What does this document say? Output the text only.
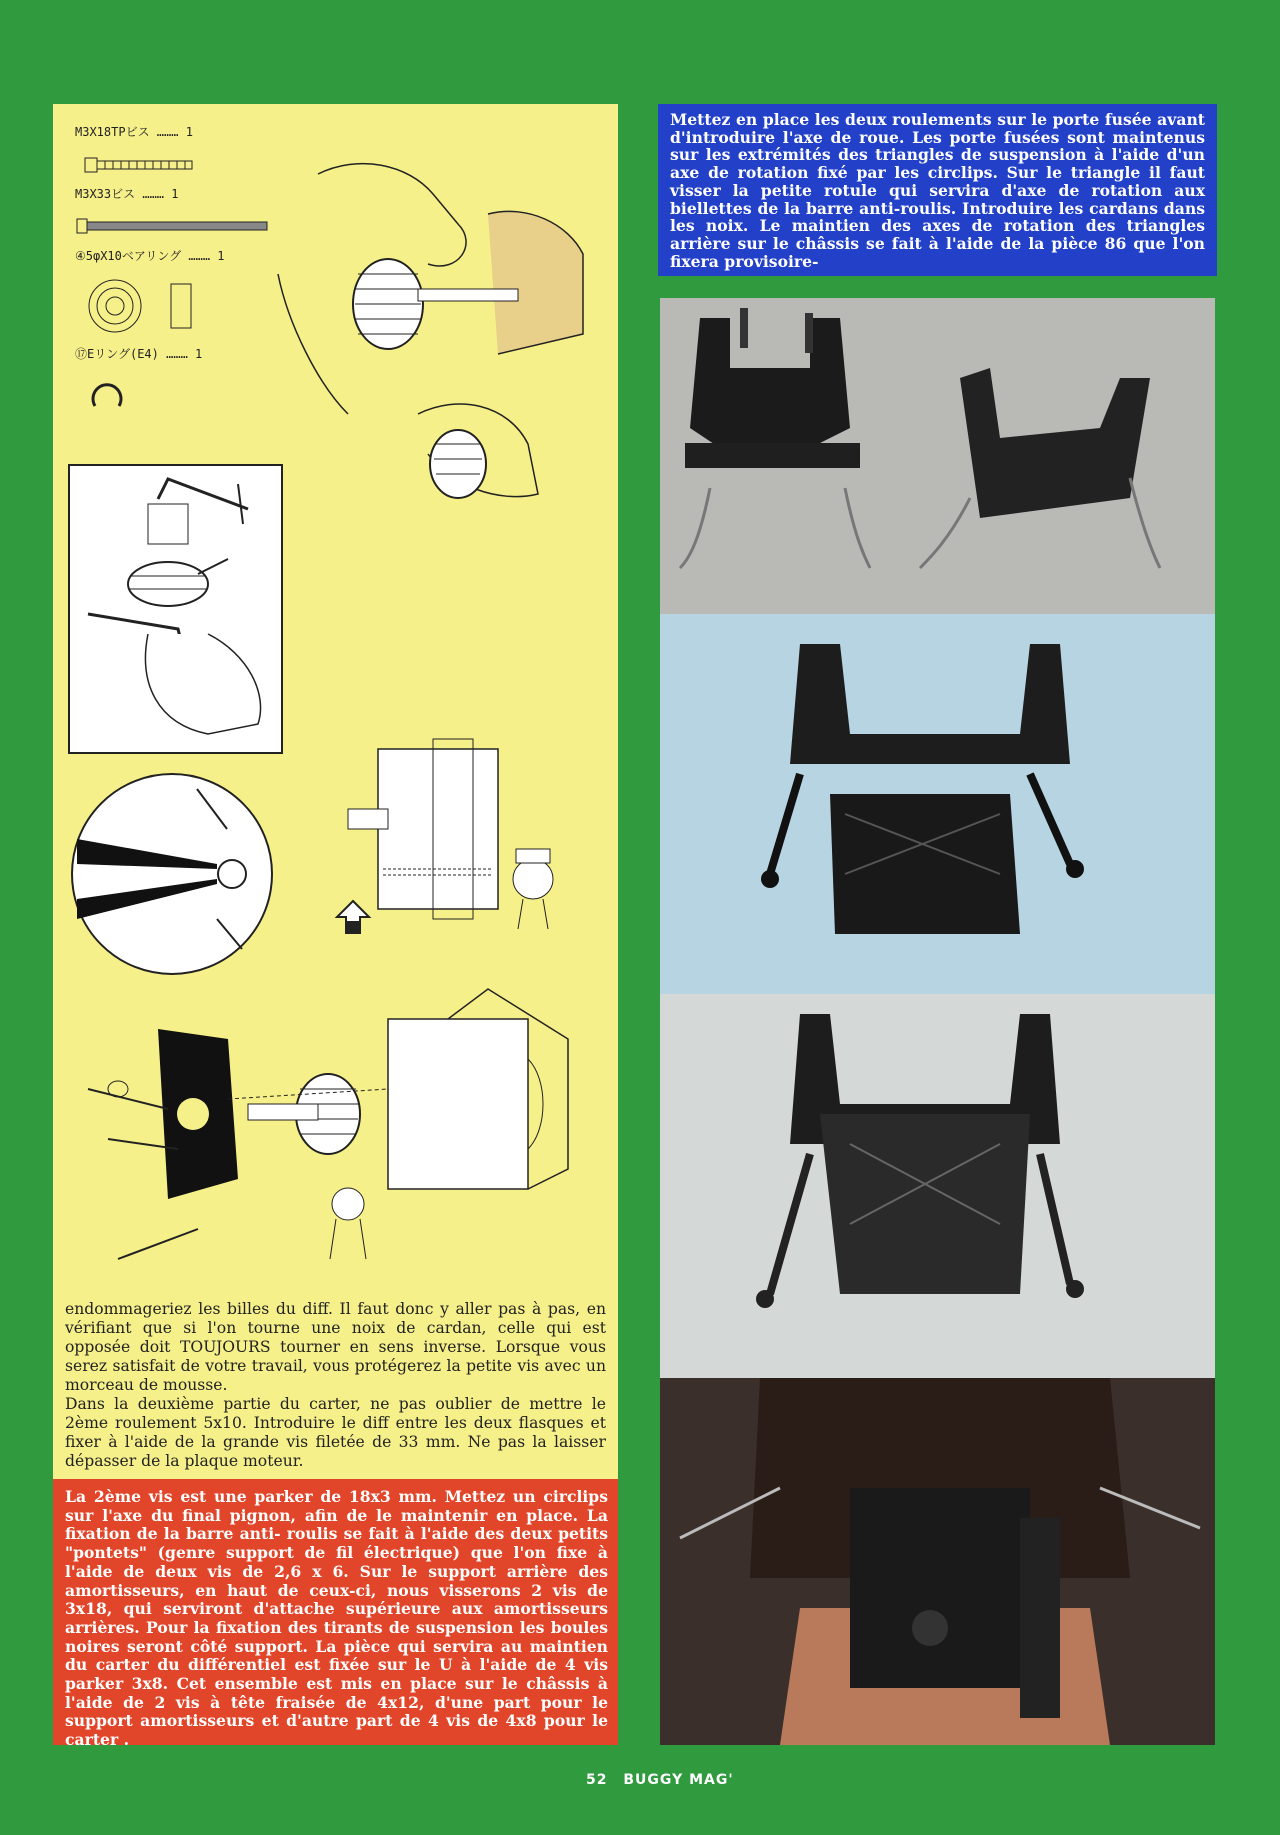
M3X18TPビス ……… 1
M3X33ビス ……… 1
④5φX10ベアリング ……… 1
⑰Eリング(E4) ……… 1

endommageriez les billes du diff. Il faut donc y aller pas à pas, en vérifiant que si l'on tourne une noix de cardan, celle qui est opposée doit TOUJOURS tourner en sens inverse. Lorsque vous serez satisfait de votre travail, vous protégerez la petite vis avec un morceau de mousse.

Dans la deuxième partie du carter, ne pas oublier de mettre le 2ème roulement 5x10. Introduire le diff entre les deux flasques et fixer à l'aide de la grande vis filetée de 33 mm. Ne pas la laisser dépasser de la plaque moteur.

La 2ème vis est une parker de 18x3 mm. Mettez un circlips sur l'axe du final pignon, afin de le maintenir en place. La fixation de la barre anti- roulis se fait à l'aide des deux petits "pontets" (genre support de fil électrique) que l'on fixe à l'aide de deux vis de 2,6 x 6. Sur le support arrière des amortisseurs, en haut de ceux-ci, nous visserons 2 vis de 3x18, qui serviront d'attache supérieure aux amortisseurs arrières. Pour la fixation des tirants de suspension les boules noires seront côté support. La pièce qui servira au maintien du carter du différentiel est fixée sur le U à l'aide de 4 vis parker 3x8. Cet ensemble est mis en place sur le châssis à l'aide de 2 vis à tête fraisée de 4x12, d'une part pour le support amortisseurs et d'autre part de 4 vis de 4x8 pour le carter .
Mettez en place les deux roulements sur le porte fusée avant d'introduire l'axe de roue. Les porte fusées sont maintenus sur les extrémités des triangles de suspension à l'aide d'un axe de rotation fixé par les circlips. Sur le triangle il faut visser la petite rotule qui servira d'axe de rotation aux biellettes de la barre anti-roulis. Introduire les cardans dans les noix. Le maintien des axes de rotation des triangles arrière sur le châssis se fait à l'aide de la pièce 86 que l'on fixera provisoire-
52 BUGGY MAG'
